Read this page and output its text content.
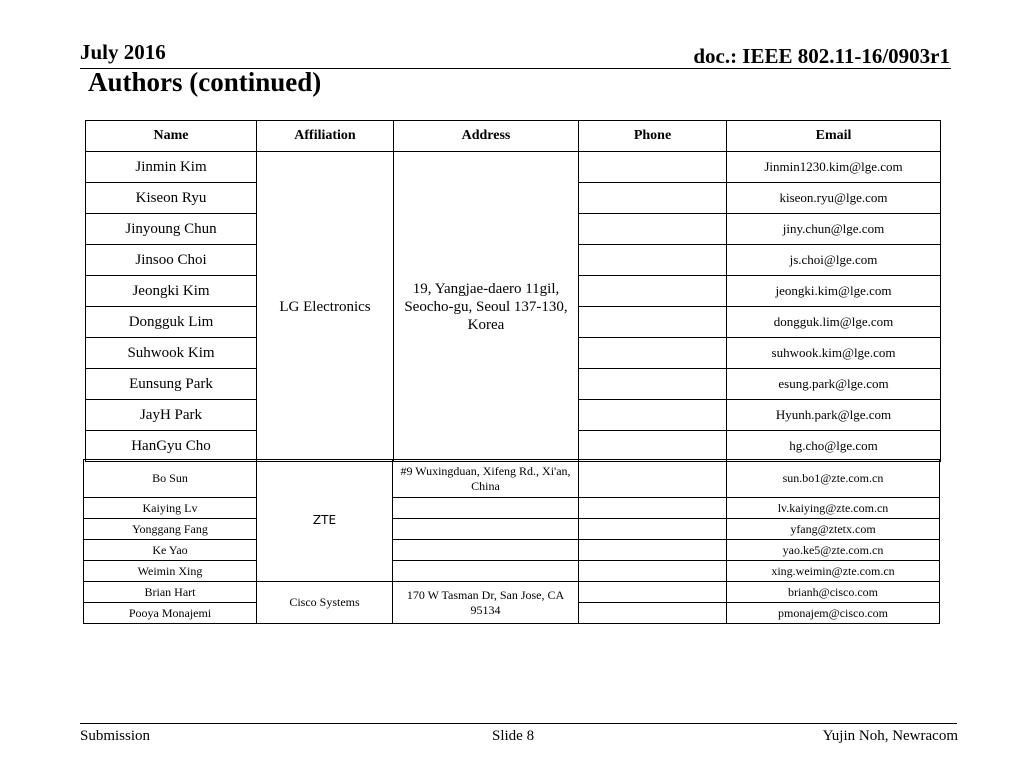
July 2016	doc.: IEEE 802.11-16/0903r1
Authors (continued)
Name	Affiliation	Address	Phone	Email
Jinmin Kim	LG Electronics	19, Yangjae-daero 11gil, Seocho-gu, Seoul 137-130, Korea		Jinmin1230.kim@lge.com
Kiseon Ryu				kiseon.ryu@lge.com
Jinyoung Chun				jiny.chun@lge.com
Jinsoo Choi				js.choi@lge.com
Jeongki Kim				jeongki.kim@lge.com
Dongguk Lim				dongguk.lim@lge.com
Suhwook Kim				suhwook.kim@lge.com
Eunsung Park				esung.park@lge.com
JayH Park				Hyunh.park@lge.com
HanGyu Cho				hg.cho@lge.com
Bo Sun	ZTE	#9 Wuxingduan, Xifeng Rd., Xi'an, China		sun.bo1@zte.com.cn
Kaiying Lv				lv.kaiying@zte.com.cn
Yonggang Fang				yfang@ztetx.com
Ke Yao				yao.ke5@zte.com.cn
Weimin Xing				xing.weimin@zte.com.cn
Brian Hart	Cisco Systems	170 W Tasman Dr, San Jose, CA 95134		brianh@cisco.com
Pooya Monajemi				pmonajem@cisco.com
Submission	Slide 8	Yujin Noh, Newracom
